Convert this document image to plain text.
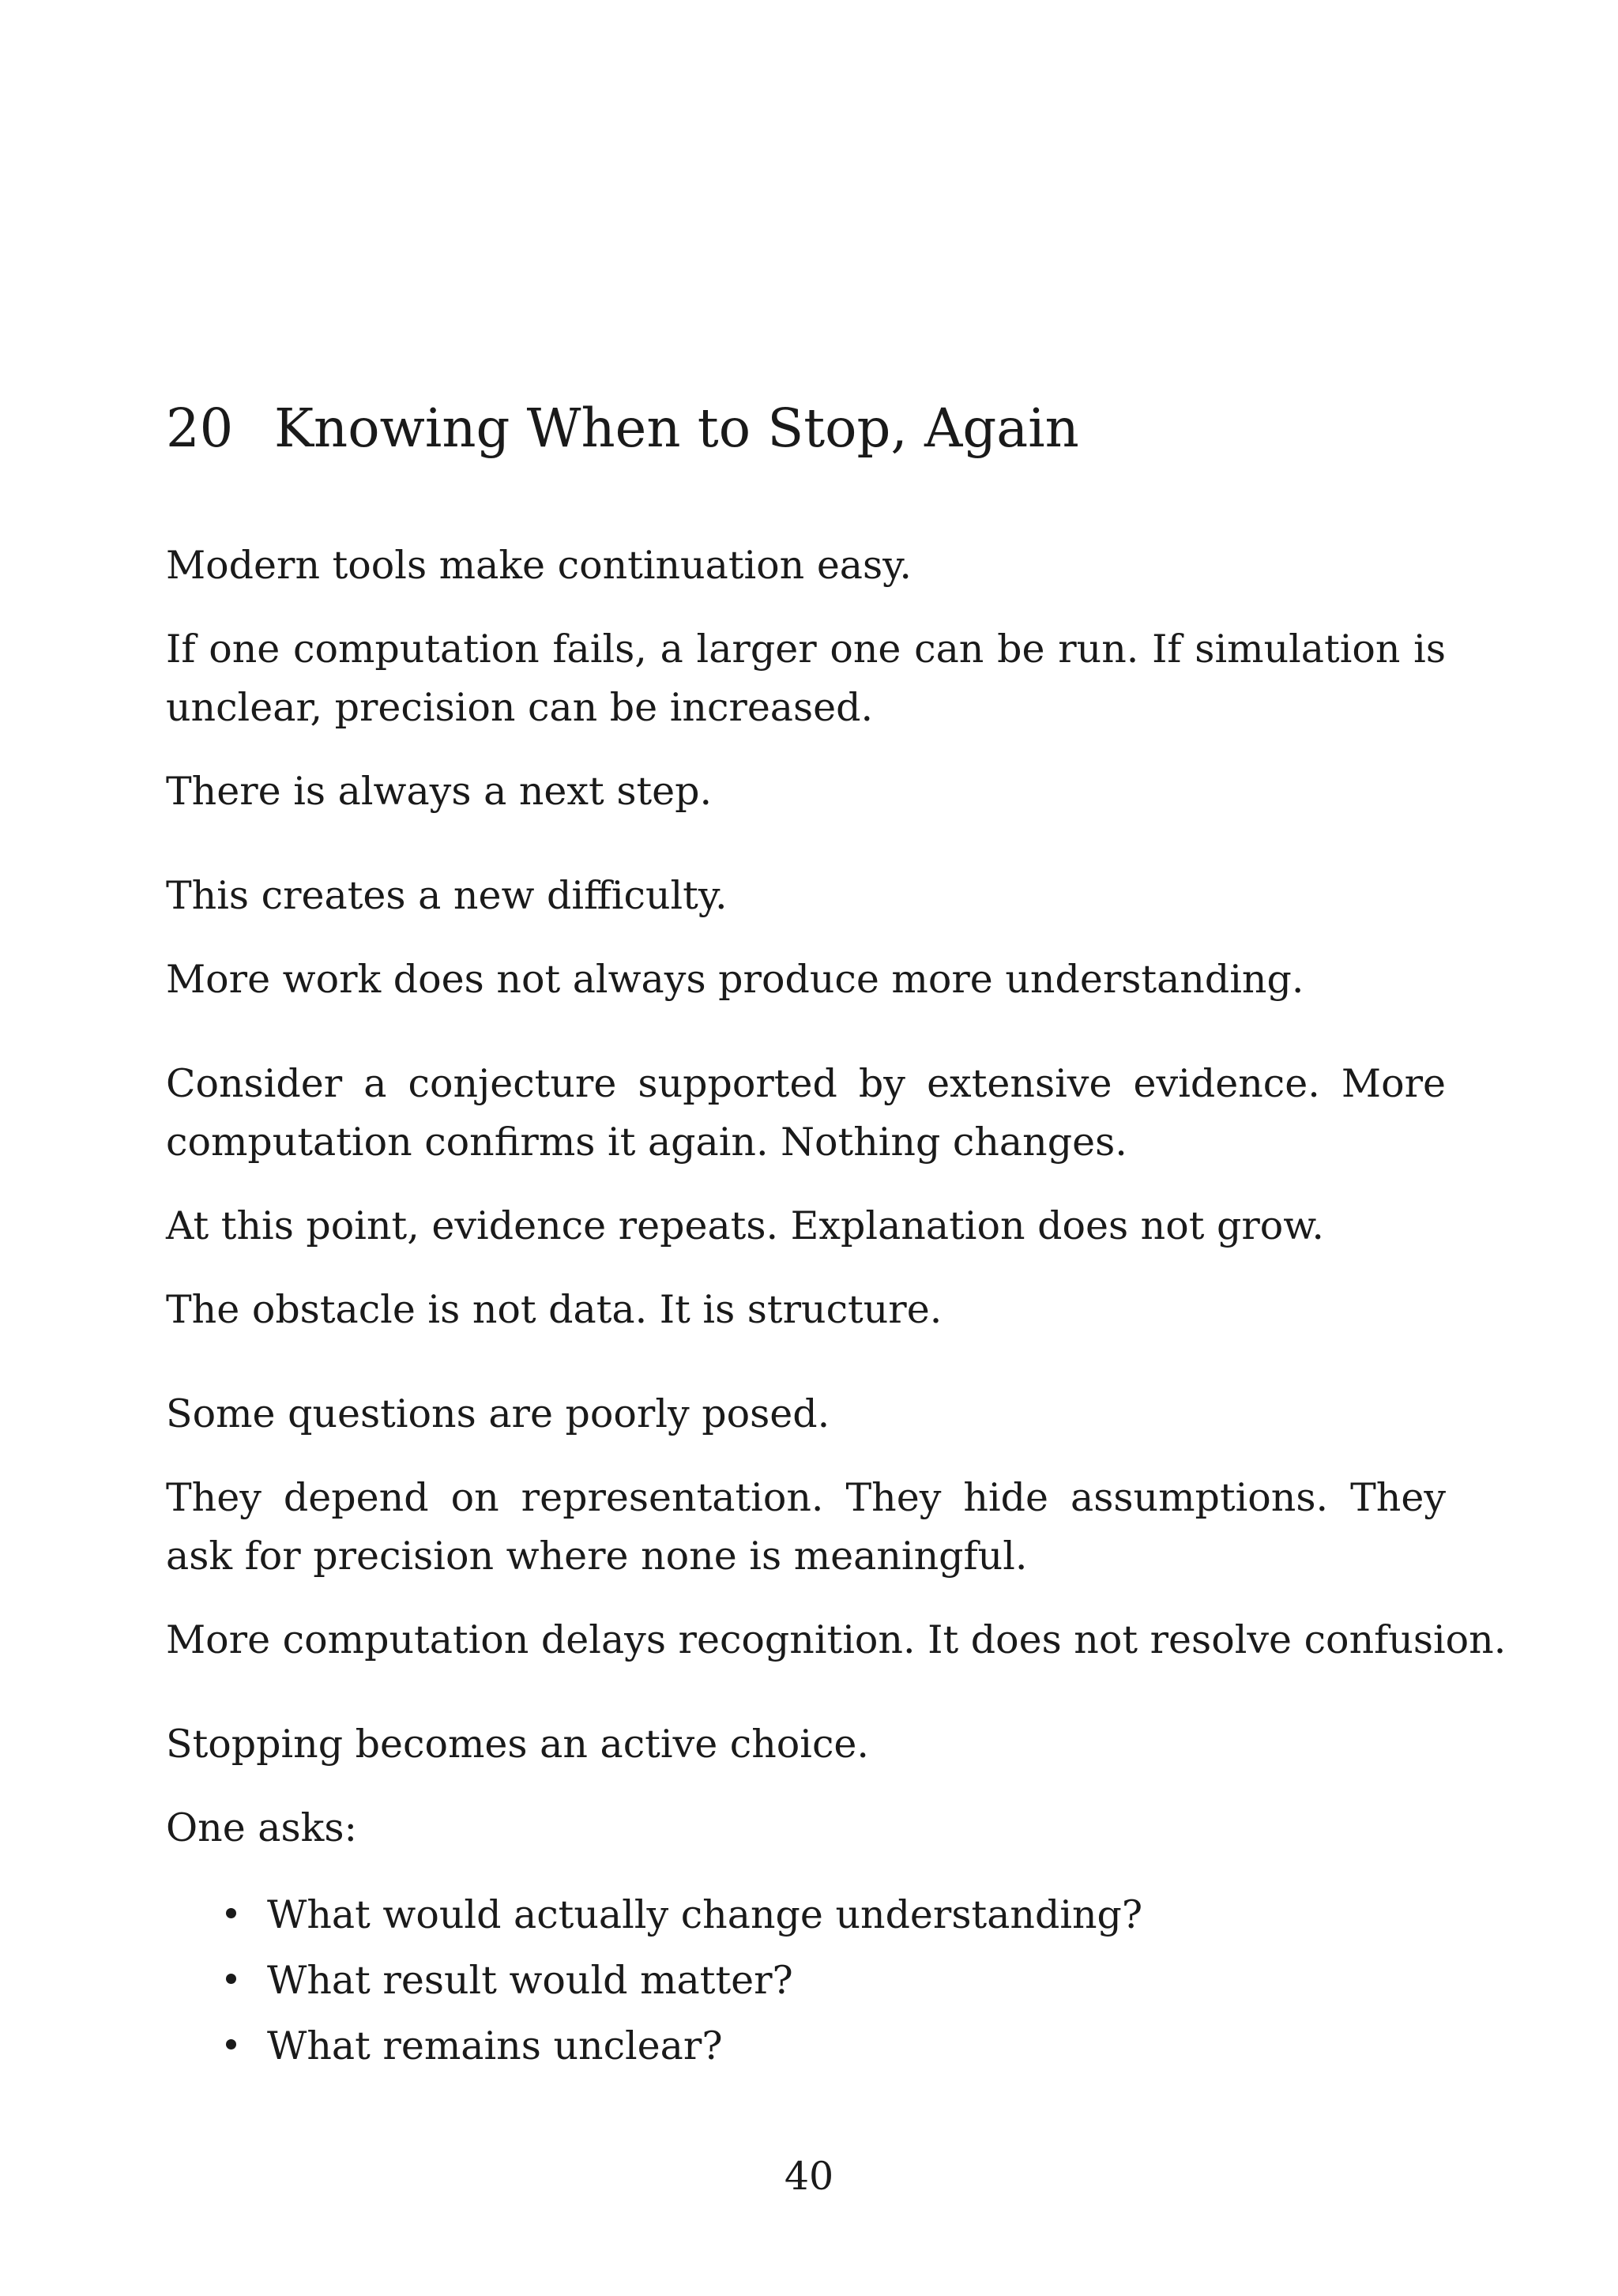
20 Knowing When to Stop, Again

Modern tools make continuation easy.

If one computation fails, a larger one can be run. If simulation is unclear, precision can be increased.

There is always a next step.

This creates a new difficulty.

More work does not always produce more understanding.

Consider a conjecture supported by extensive evidence. More computation confirms it again. Nothing changes.

At this point, evidence repeats. Explanation does not grow.

The obstacle is not data. It is structure.

Some questions are poorly posed.

They depend on representation. They hide assumptions. They ask for precision where none is meaningful.

More computation delays recognition. It does not resolve confusion.

Stopping becomes an active choice.

One asks:

What would actually change understanding?
What result would matter?
What remains unclear?

40
